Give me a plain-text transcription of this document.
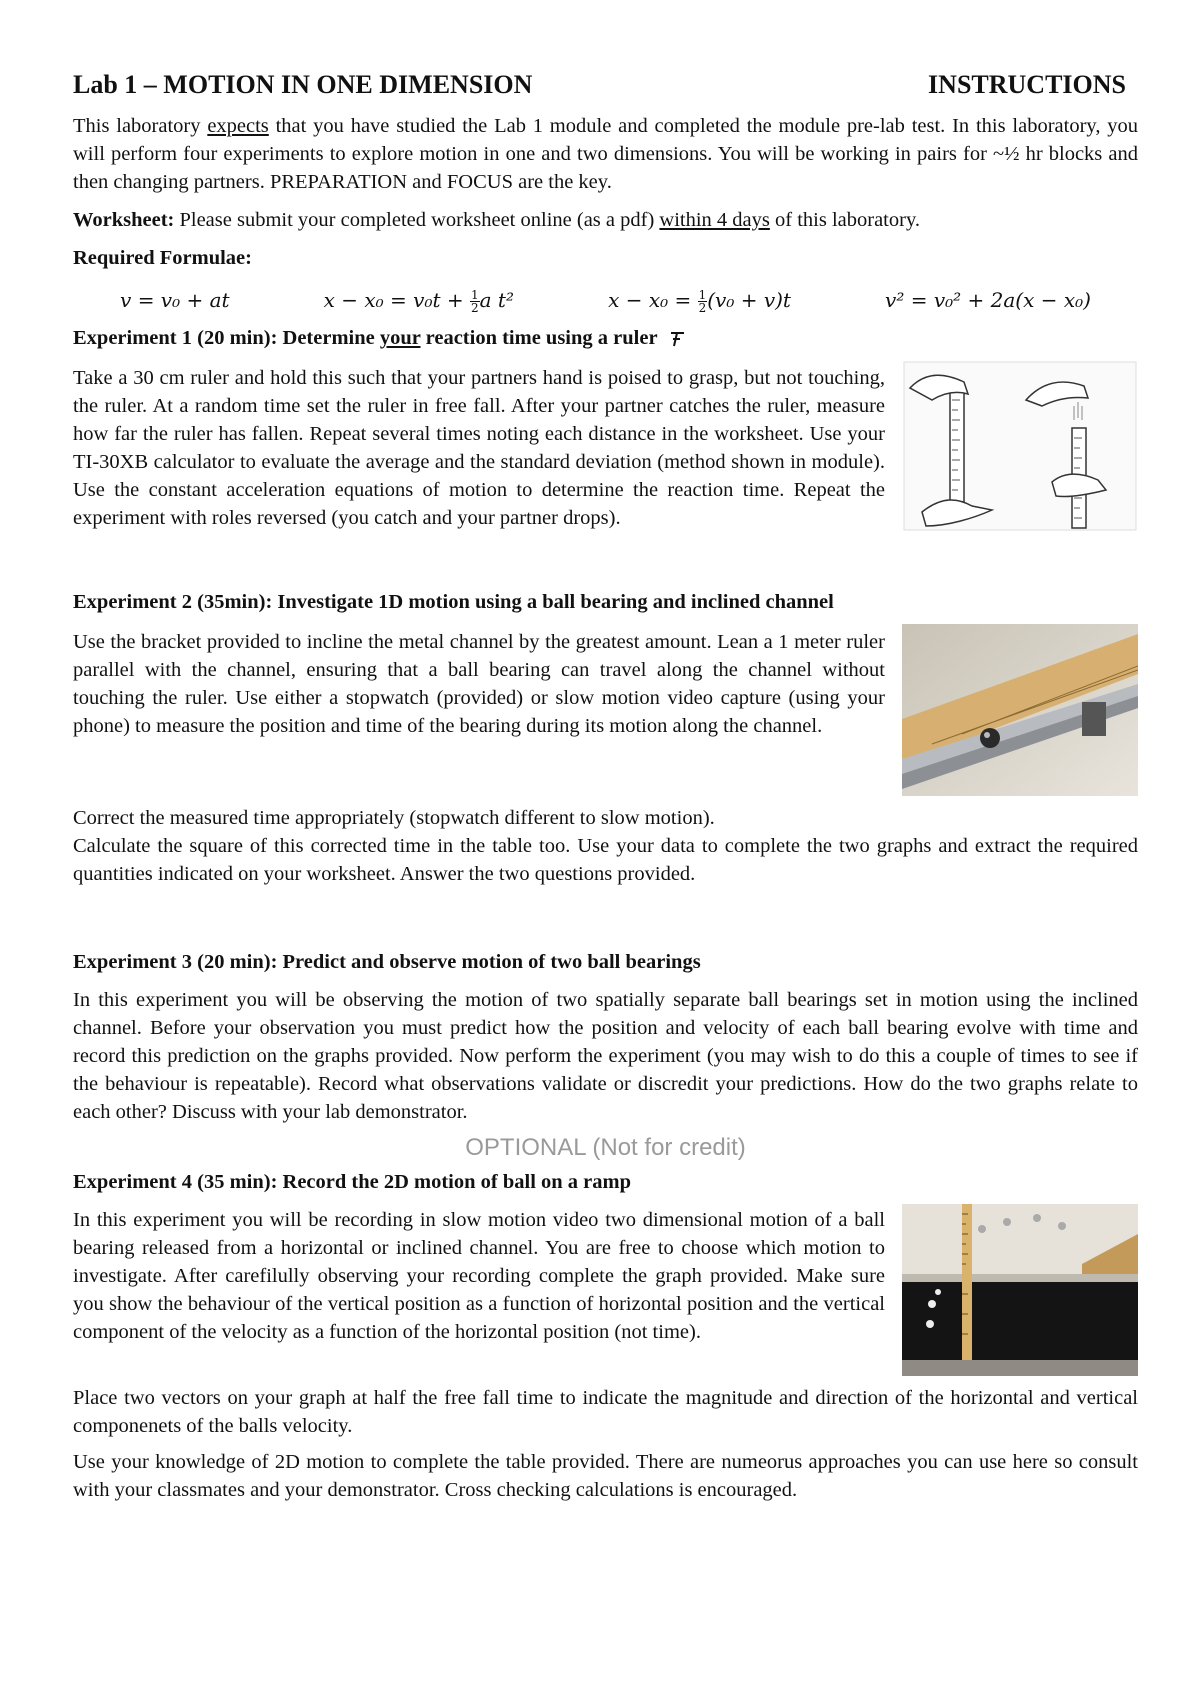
Lab 1 – MOTION IN ONE DIMENSION	INSTRUCTIONS

This laboratory expects that you have studied the Lab 1 module and completed the module pre-lab test. In this laboratory, you will perform four experiments to explore motion in one and two dimensions. You will be working in pairs for ~½ hr blocks and then changing partners. PREPARATION and FOCUS are the key.

Worksheet: Please submit your completed worksheet online (as a pdf) within 4 days of this laboratory.

Required Formulae:

v = v₀ + at	$x - x_0 = v_0t + \frac{1}{2}$ a t²	$x - x_0 = \frac{1}{2} (v_0 + v)t$	v² = v₀² + 2a(x − x₀)
Experiment 1 (20 min): Determine your reaction time using a ruler

Take a 30 cm ruler and hold this such that your partners hand is poised to grasp, but not touching, the ruler. At a random time set the ruler in free fall. After your partner catches the ruler, measure how far the ruler has fallen. Repeat several times noting each distance in the worksheet. Use your TI-30XB calculator to evaluate the average and the standard deviation (method shown in module). Use the constant acceleration equations of motion to determine the reaction time. Repeat the experiment with roles reversed (you catch and your partner drops).

Experiment 2 (35min): Investigate 1D motion using a ball bearing and inclined channel

Use the bracket provided to incline the metal channel by the greatest amount. Lean a 1 meter ruler parallel with the channel, ensuring that a ball bearing can travel along the channel without touching the ruler. Use either a stopwatch (provided) or slow motion video capture (using your phone) to measure the position and time of the bearing during its motion along the channel.

Correct the measured time appropriately (stopwatch different to slow motion).

Calculate the square of this corrected time in the table too. Use your data to complete the two graphs and extract the required quantities indicated on your worksheet. Answer the two questions provided.

Experiment 3 (20 min): Predict and observe motion of two ball bearings

In this experiment you will be observing the motion of two spatially separate ball bearings set in motion using the inclined channel. Before your observation you must predict how the position and velocity of each ball bearing evolve with time and record this prediction on the graphs provided. Now perform the experiment (you may wish to do this a couple of times to see if the behaviour is repeatable). Record what observations validate or discredit your predictions. How do the two graphs relate to each other? Discuss with your lab demonstrator.

OPTIONAL (Not for credit)
Experiment 4 (35 min): Record the 2D motion of ball on a ramp

In this experiment you will be recording in slow motion video two dimensional motion of a ball bearing released from a horizontal or inclined channel. You are free to choose which motion to investigate. After carefilully observing your recording complete the graph provided. Make sure you show the behaviour of the vertical position as a function of horizontal position and the vertical component of the velocity as a function of the horizontal position (not time).

Place two vectors on your graph at half the free fall time to indicate the magnitude and direction of the horizontal and vertical componenets of the balls velocity.

Use your knowledge of 2D motion to complete the table provided. There are numeorus approaches you can use here so consult with your classmates and your demonstrator. Cross checking calculations is encouraged.
